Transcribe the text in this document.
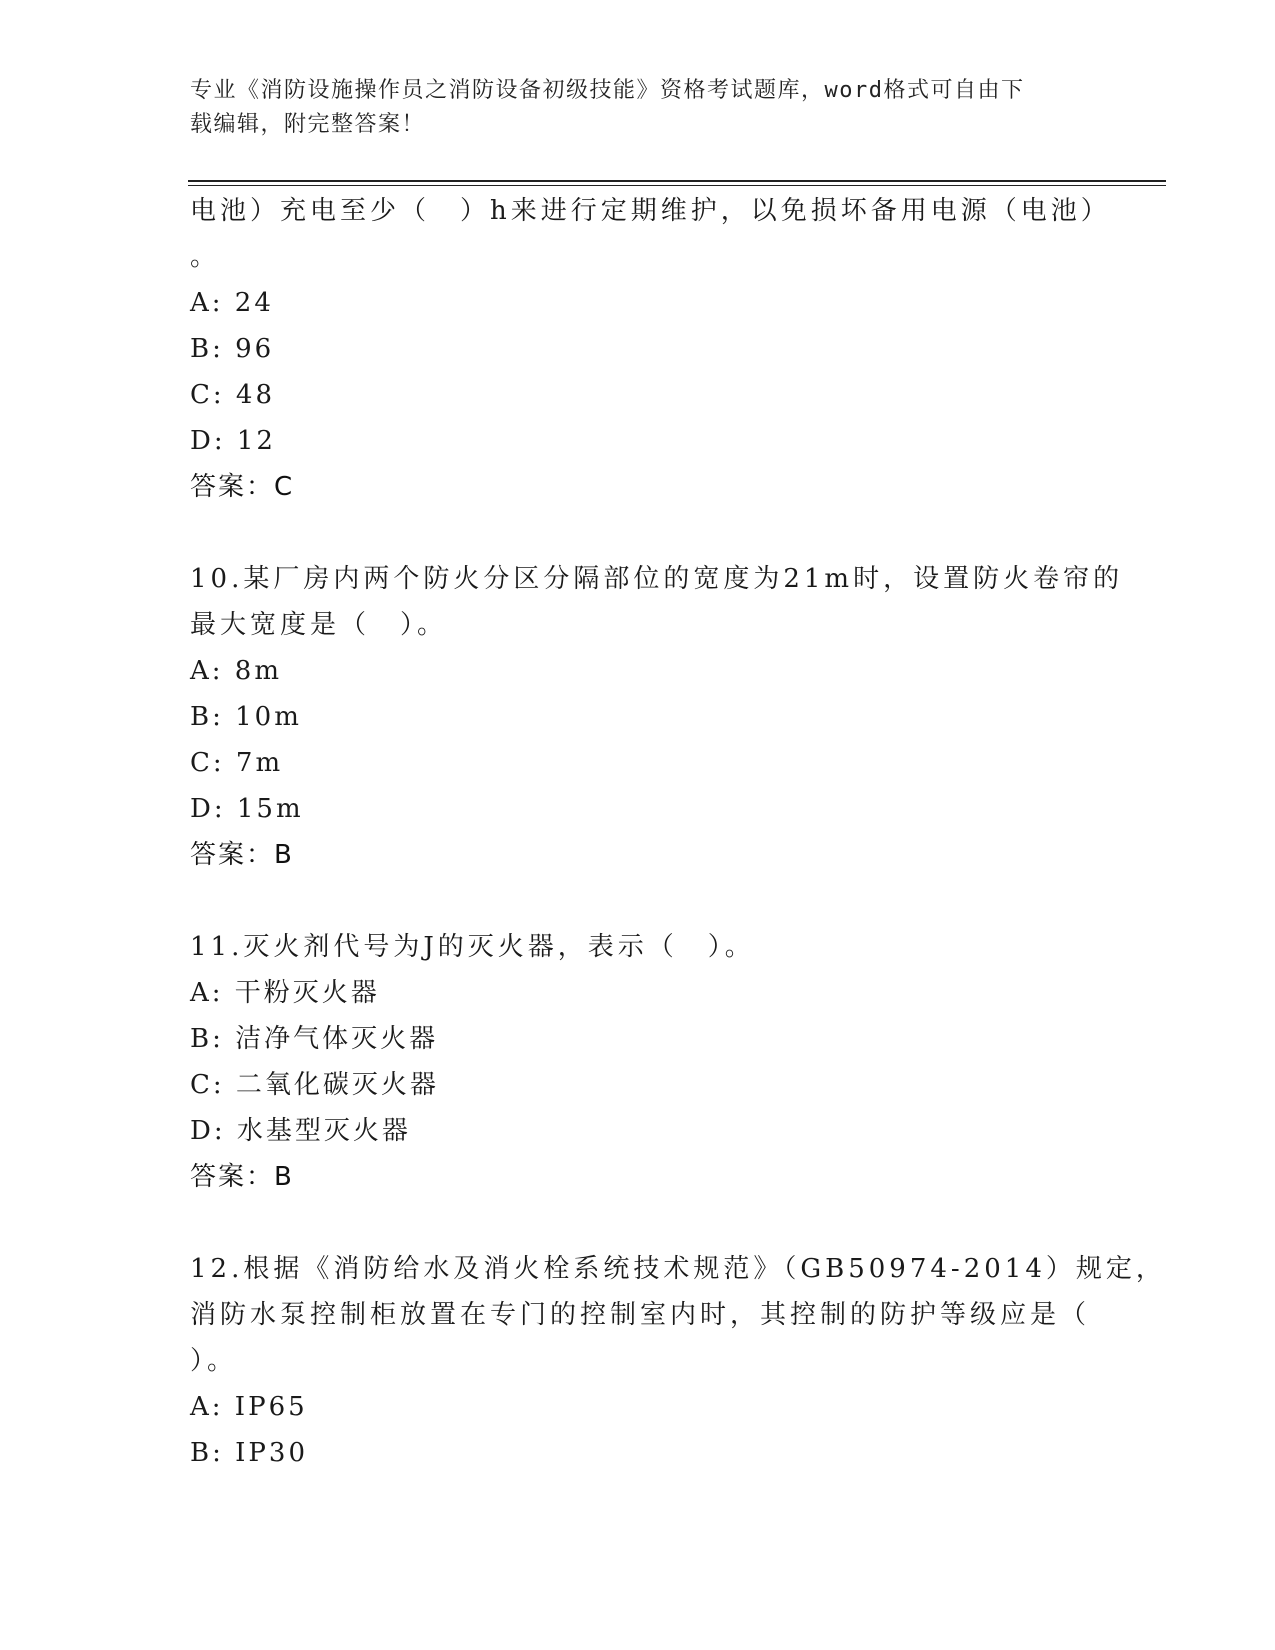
专业《消防设施操作员之消防设备初级技能》资格考试题库，word格式可自由下
载编辑，附完整答案！
电池）充电至少（　）h来进行定期维护，以免损坏备用电源（电池）
。
A: 24
B: 96
C: 48
D: 12
答案：C
10.某厂房内两个防火分区分隔部位的宽度为21m时，设置防火卷帘的
最大宽度是（　）。
A: 8m
B: 10m
C: 7m
D: 15m
答案：B
11.灭火剂代号为J的灭火器，表示（　）。
A: 干粉灭火器
B: 洁净气体灭火器
C: 二氧化碳灭火器
D: 水基型灭火器
答案：B
12.根据《消防给水及消火栓系统技术规范》（GB50974-2014）规定，
消防水泵控制柜放置在专门的控制室内时，其控制的防护等级应是（
）。
A: IP65
B: IP30
